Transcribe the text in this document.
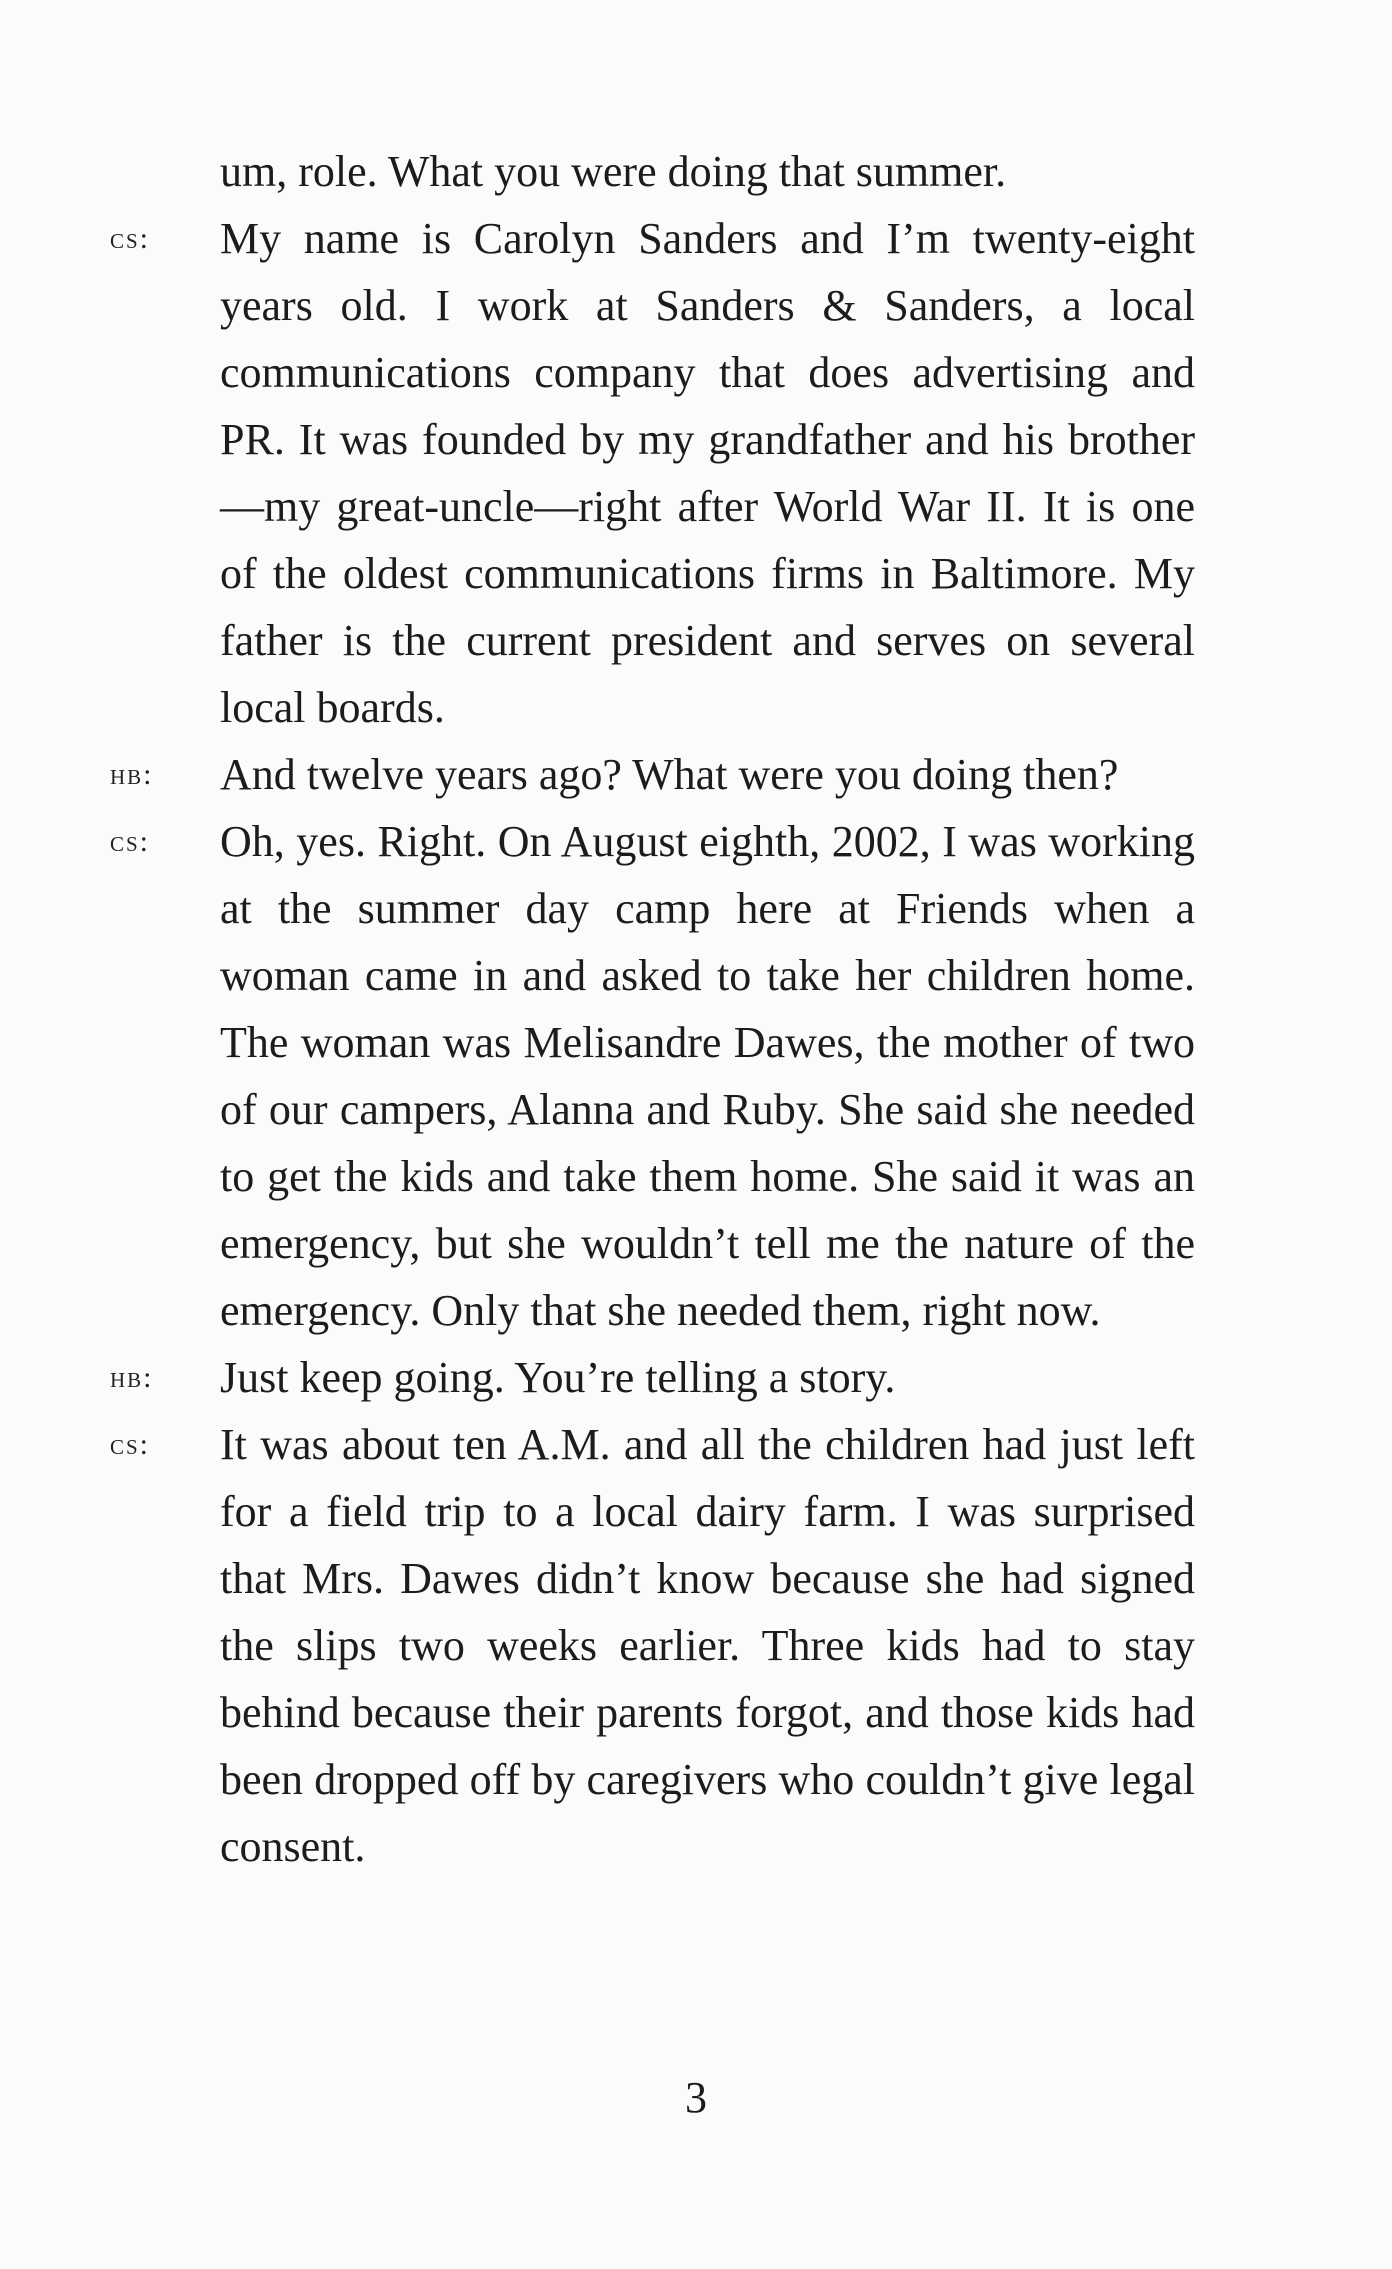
um, role. What you were doing that summer.
cs:	My name is Carolyn Sanders and I’m twenty-eight years old. I work at Sanders & Sanders, a local communications company that does advertising and PR. It was founded by my grandfather and his brother—my great-uncle—right after World War II. It is one of the oldest communications firms in Baltimore. My father is the current president and serves on several local boards.
hb:	And twelve years ago? What were you doing then?
cs:	Oh, yes. Right. On August eighth, 2002, I was working at the summer day camp here at Friends when a woman came in and asked to take her children home. The woman was Melisandre Dawes, the mother of two of our campers, Alanna and Ruby. She said she needed to get the kids and take them home. She said it was an emergency, but she wouldn’t tell me the nature of the emergency. Only that she needed them, right now.
hb:	Just keep going. You’re telling a story.
cs:	It was about ten A.M. and all the children had just left for a field trip to a local dairy farm. I was surprised that Mrs. Dawes didn’t know because she had signed the slips two weeks earlier. Three kids had to stay behind because their parents forgot, and those kids had been dropped off by caregivers who couldn’t give legal consent.
3
